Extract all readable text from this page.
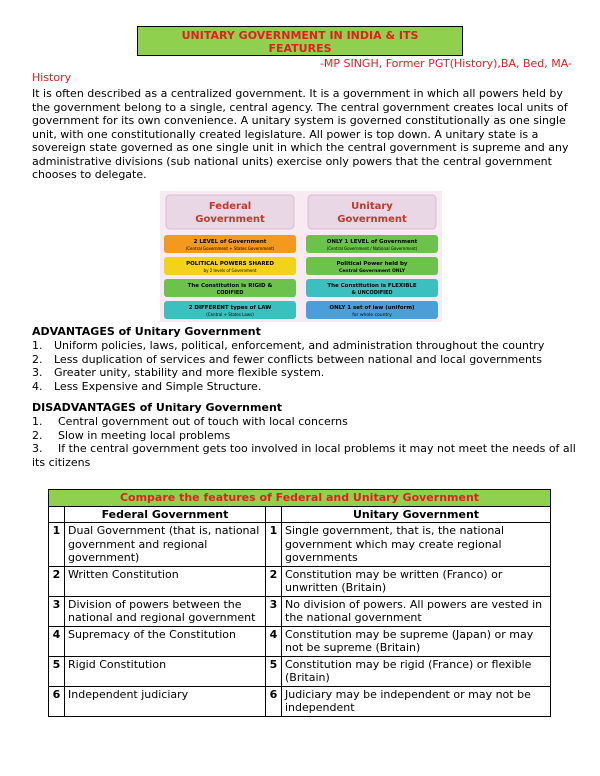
UNITARY GOVERNMENT IN INDIA & ITS
FEATURES
-MP SINGH, Former PGT(History),BA, Bed, MA-
History

It is often described as a centralized government. It is a government in which all powers held by the government belong to a single, central agency. The central government creates local units of government for its own convenience. A unitary system is governed constitutionally as one single unit, with one constitutionally created legislature. All power is top down. A unitary state is a sovereign state governed as one single unit in which the central government is supreme and any administrative divisions (sub national units) exercise only powers that the central government chooses to delegate.

Federal
Government
Unitary
Government
2 LEVEL of Government
(Central Government + States Government)
POLITICAL POWERS SHARED
by 2 levels of Government
The Constitution is RIGID &
CODIFIED
2 DIFFERENT types of LAW
(Central + States Laws)
ONLY 1 LEVEL of Government
(Central Government / National Government)
Political Power held by
Central Government ONLY
The Constitution is FLEXIBLE
& UNCODIFIED
ONLY 1 set of law (uniform)
for whole country
ADVANTAGES of Unitary Government
1. Uniform policies, laws, political, enforcement, and administration throughout the country
2. Less duplication of services and fewer conflicts between national and local governments
3. Greater unity, stability and more flexible system.
4. Less Expensive and Simple Structure.
DISADVANTAGES of Unitary Government
1. Central government out of touch with local concerns
2. Slow in meeting local problems
3. If the central government gets too involved in local problems it may not meet the needs of all its citizens
Compare the features of Federal and Unitary Government			
	Federal Government		Unitary Government
1	Dual Government (that is, national government and regional government)	1	Single government, that is, the national government which may create regional governments
2	Written Constitution	2	Constitution may be written (Franco) or unwritten (Britain)
3	Division of powers between the national and regional government	3	No division of powers. All powers are vested in the national government
4	Supremacy of the Constitution	4	Constitution may be supreme (Japan) or may not be supreme (Britain)
5	Rigid Constitution	5	Constitution may be rigid (France) or flexible (Britain)
6	Independent judiciary	6	Judiciary may be independent or may not be independent
